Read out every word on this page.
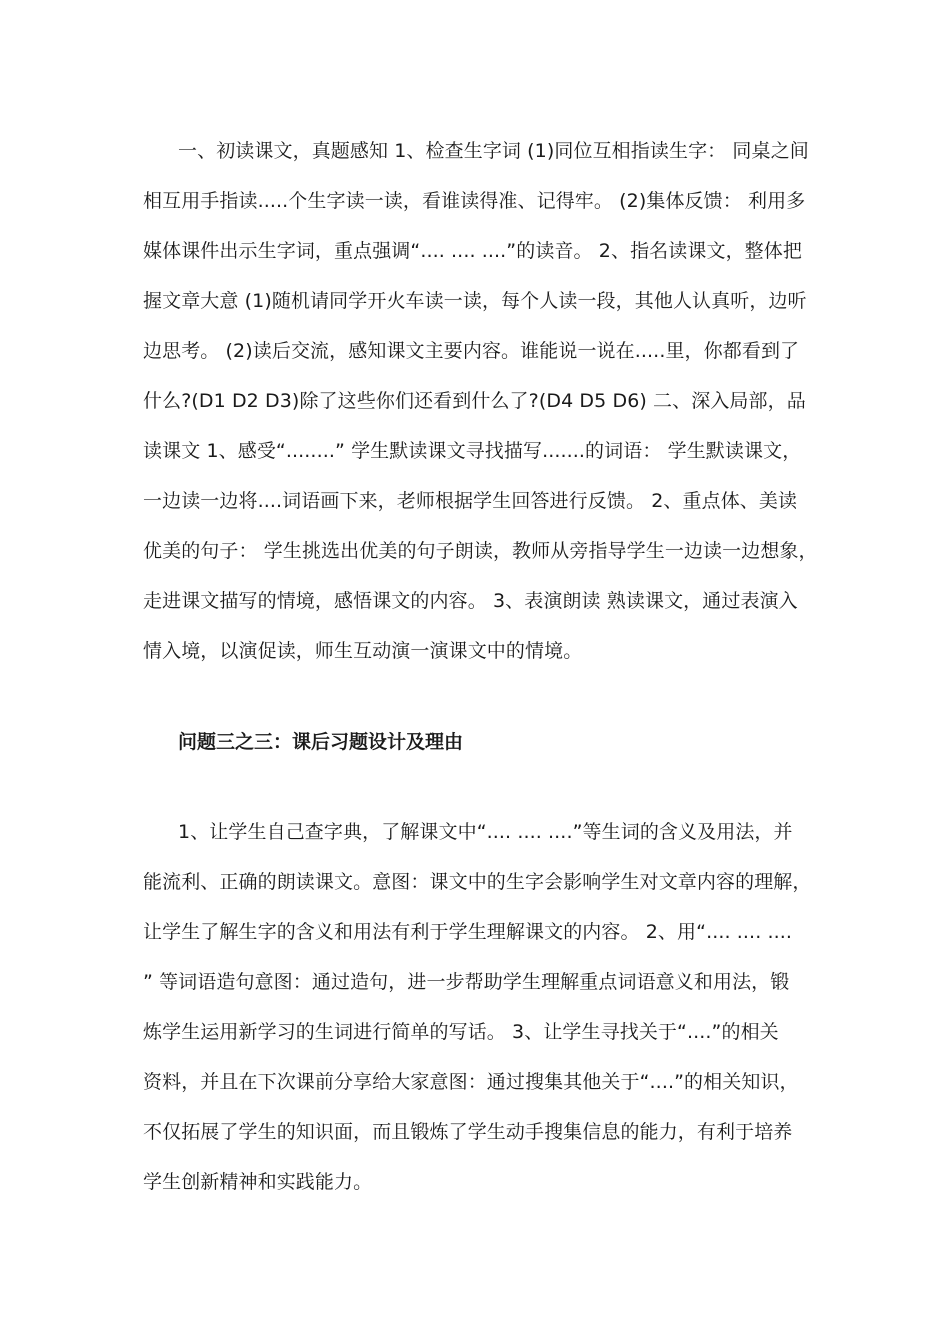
一、初读课文，真题感知 1、检查生字词 (1)同位互相指读生字： 同桌之间
相互用手指读.....个生字读一读，看谁读得准、记得牢。 (2)集体反馈： 利用多
媒体课件出示生字词，重点强调“.... .... ....”的读音。 2、指名读课文，整体把
握文章大意 (1)随机请同学开火车读一读，每个人读一段，其他人认真听，边听
边思考。 (2)读后交流，感知课文主要内容。谁能说一说在.....里，你都看到了
什么?(D1 D2 D3)除了这些你们还看到什么了?(D4 D5 D6) 二、深入局部，品
读课文 1、感受“........” 学生默读课文寻找描写.......的词语： 学生默读课文，
一边读一边将....词语画下来，老师根据学生回答进行反馈。 2、重点体、美读
优美的句子： 学生挑选出优美的句子朗读，教师从旁指导学生一边读一边想象，
走进课文描写的情境，感悟课文的内容。 3、表演朗读 熟读课文，通过表演入
情入境，以演促读，师生互动演一演课文中的情境。
问题三之三：课后习题设计及理由
1、让学生自己查字典，了解课文中“.... .... ....”等生词的含义及用法，并
能流利、正确的朗读课文。意图：课文中的生字会影响学生对文章内容的理解，
让学生了解生字的含义和用法有利于学生理解课文的内容。 2、用“.... .... ....
” 等词语造句意图：通过造句，进一步帮助学生理解重点词语意义和用法，锻
炼学生运用新学习的生词进行简单的写话。 3、让学生寻找关于“....”的相关
资料，并且在下次课前分享给大家意图：通过搜集其他关于“....”的相关知识，
不仅拓展了学生的知识面，而且锻炼了学生动手搜集信息的能力，有利于培养
学生创新精神和实践能力。
